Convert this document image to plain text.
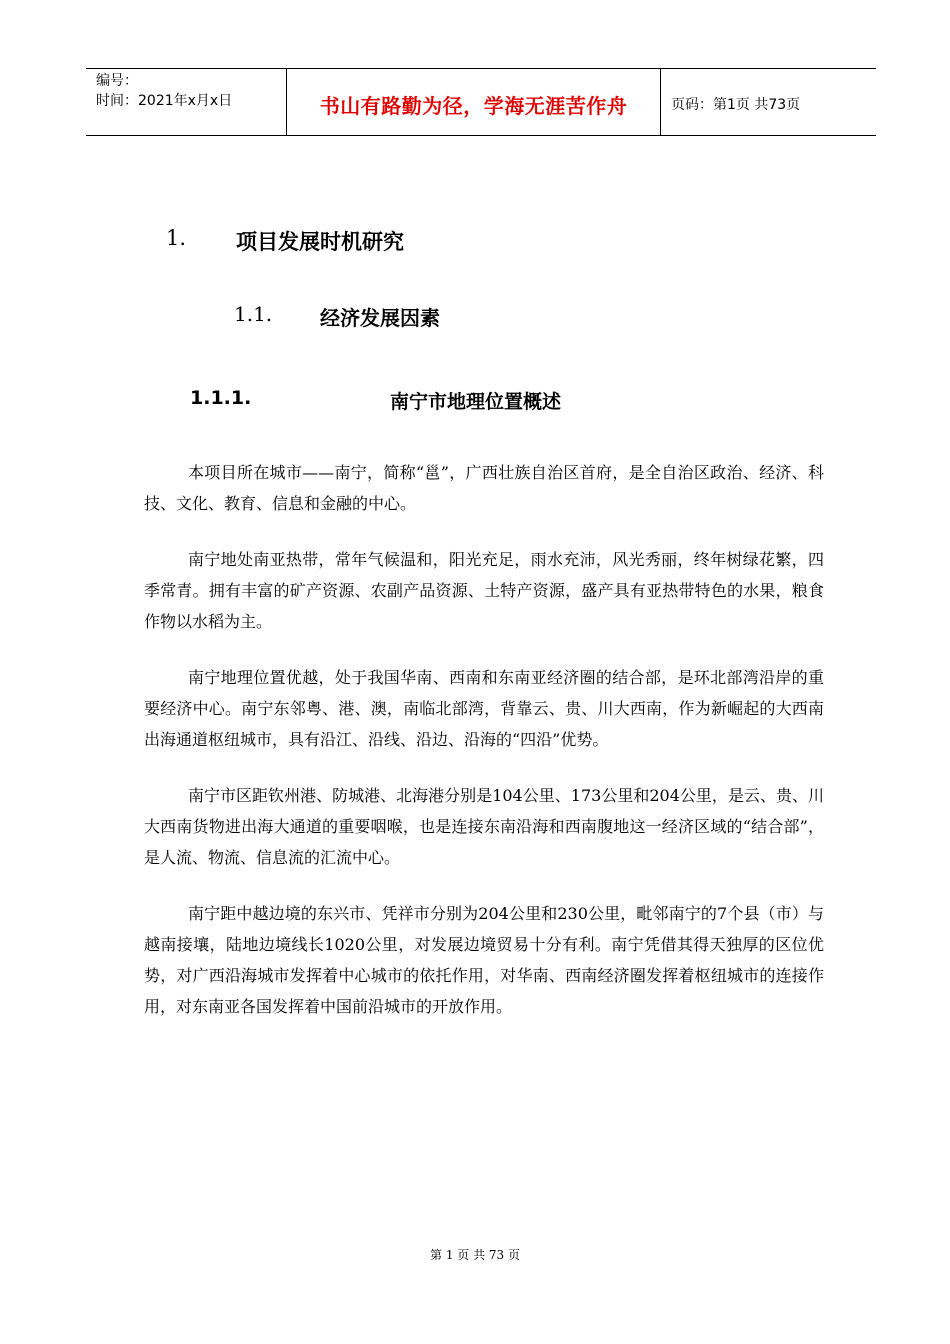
编号：
时间：2021年x月x日	书山有路勤为径，学海无涯苦作舟	页码：第1页 共73页
1.	项目发展时机研究
1.1.	经济发展因素
1.1.1.	南宁市地理位置概述

本项目所在城市——南宁，简称“邕”，广西壮族自治区首府，是全自治区政治、经济、科技、文化、教育、信息和金融的中心。

南宁地处南亚热带，常年气候温和，阳光充足，雨水充沛，风光秀丽，终年树绿花繁，四季常青。拥有丰富的矿产资源、农副产品资源、土特产资源，盛产具有亚热带特色的水果，粮食作物以水稻为主。

南宁地理位置优越，处于我国华南、西南和东南亚经济圈的结合部，是环北部湾沿岸的重要经济中心。南宁东邻粤、港、澳，南临北部湾，背靠云、贵、川大西南，作为新崛起的大西南出海通道枢纽城市，具有沿江、沿线、沿边、沿海的“四沿”优势。

南宁市区距钦州港、防城港、北海港分别是104公里、173公里和204公里，是云、贵、川大西南货物进出海大通道的重要咽喉，也是连接东南沿海和西南腹地这一经济区域的“结合部”，是人流、物流、信息流的汇流中心。

南宁距中越边境的东兴市、凭祥市分别为204公里和230公里，毗邻南宁的7个县（市）与越南接壤，陆地边境线长1020公里，对发展边境贸易十分有利。南宁凭借其得天独厚的区位优势，对广西沿海城市发挥着中心城市的依托作用，对华南、西南经济圈发挥着枢纽城市的连接作用，对东南亚各国发挥着中国前沿城市的开放作用。

第 1 页 共 73 页
